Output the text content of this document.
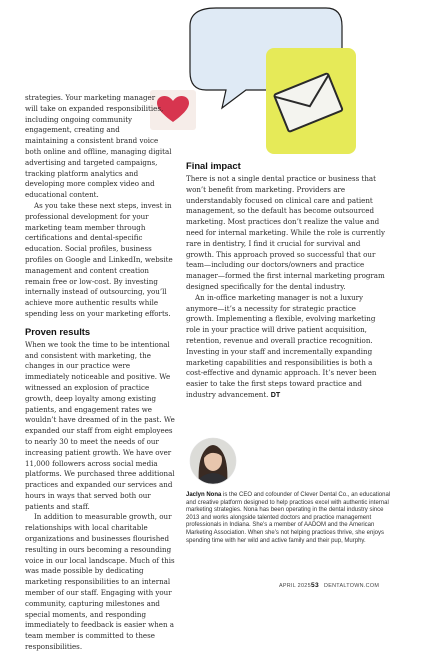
strategies. Your marketing manager
will take on expanded responsibilities,
including ongoing community
engagement, creating and
maintaining a consistent brand voice both online and offline, managing digital advertising and targeted campaigns, tracking platform analytics and developing more complex video and educational content.

As you take these next steps, invest in professional development for your marketing team member through certifications and dental-specific education. Social profiles, business profiles on Google and LinkedIn, website management and content creation remain free or low-cost. By investing internally instead of outsourcing, you’ll achieve more authentic results while spending less on your marketing efforts.

Proven results

When we took the time to be intentional and consistent with marketing, the changes in our practice were immediately noticeable and positive. We witnessed an explosion of practice growth, deep loyalty among existing patients, and engagement rates we wouldn’t have dreamed of in the past. We expanded our staff from eight employees to nearly 30 to meet the needs of our increasing patient growth. We have over 11,000 followers across social media platforms. We purchased three additional practices and expanded our services and hours in ways that served both our patients and staff.

In addition to measurable growth, our relationships with local charitable organizations and businesses flourished resulting in ours becoming a resounding voice in our local landscape. Much of this was made possible by dedicating marketing responsibilities to an internal member of our staff. Engaging with your community, capturing milestones and special moments, and responding immediately to feedback is easier when a team member is committed to these responsibilities.

Final impact

There is not a single dental practice or business that won’t benefit from marketing. Providers are understandably focused on clinical care and patient management, so the default has become outsourced marketing. Most practices don’t realize the value and need for internal marketing. While the role is currently rare in dentistry, I find it crucial for survival and growth. This approach proved so successful that our team—including our doctors/owners and practice manager—formed the first internal marketing program designed specifically for the dental industry.

An in-office marketing manager is not a luxury anymore—it’s a necessity for strategic practice growth. Implementing a flexible, evolving marketing role in your practice will drive patient acquisition, retention, revenue and overall practice recognition. Investing in your staff and incrementally expanding marketing capabilities and responsibilities is both a cost-effective and dynamic approach. It’s never been easier to take the first steps toward practice and industry advancement. DT

Jaclyn Nona is the CEO and cofounder of Clever Dental Co., an educational and creative platform designed to help practices excel with authentic internal marketing strategies. Nona has been operating in the dental industry since 2013 and works alongside talented doctors and practice management professionals in Indiana. She’s a member of AADOM and the American Marketing Association. When she’s not helping practices thrive, she enjoys spending time with her wild and active family and their pup, Murphy.
APRIL 2025 53 DENTALTOWN.COM
